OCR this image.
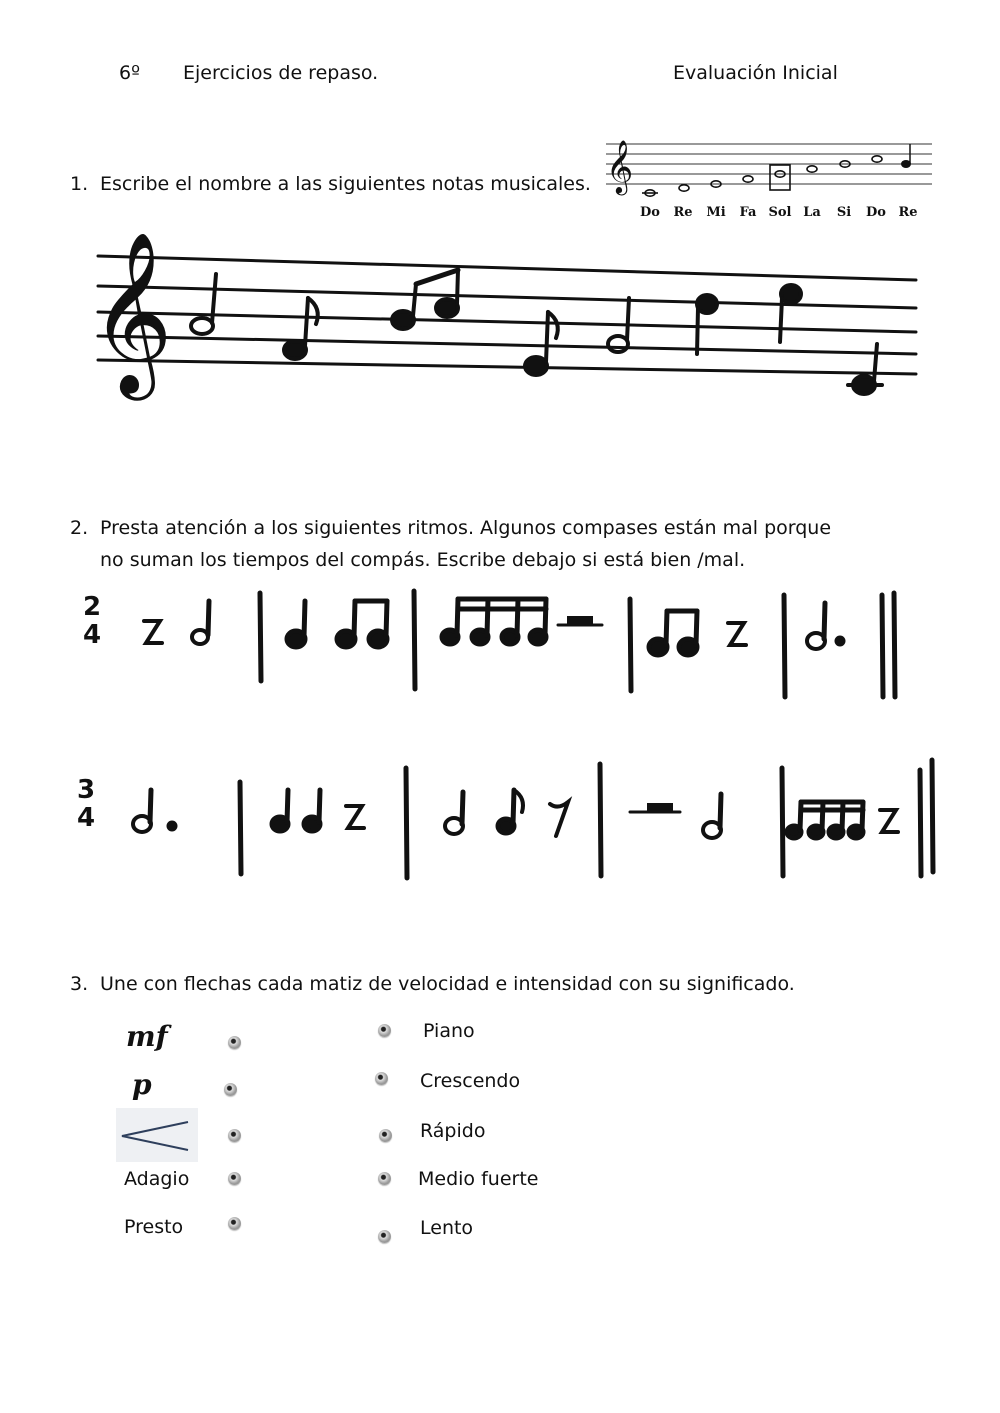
6º Ejercicios de repaso.	Evaluación Inicial
1. Escribe el nombre a las siguientes notas musicales. 𝄞
Do Re Mi Fa Sol La Si Do Re
𝄞
2. Presta atención a los siguientes ritmos. Algunos compases están mal porque no suman los tiempos del compás. Escribe debajo si está bien /mal.
2
4
3
4
3. Une con flechas cada matiz de velocidad e intensidad con su significado.
mf
p
Adagio
Presto
Piano
Crescendo
Rápido
Medio fuerte
Lento
